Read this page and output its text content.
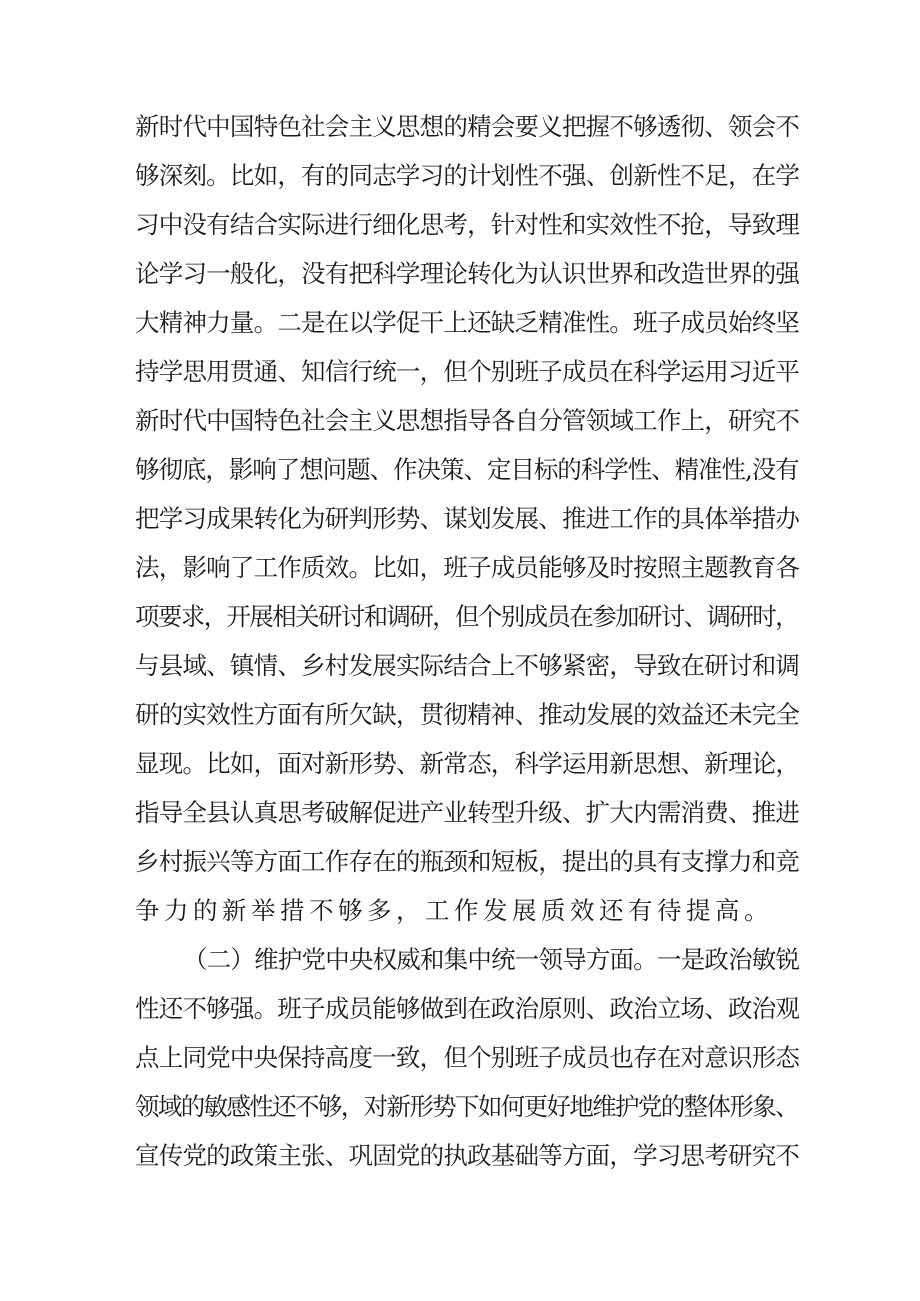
新时代中国特色社会主义思想的精会要义把握不够透彻、领会不
够深刻。比如，有的同志学习的计划性不强、创新性不足，在学
习中没有结合实际进行细化思考，针对性和实效性不抢，导致理
论学习一般化，没有把科学理论转化为认识世界和改造世界的强
大精神力量。二是在以学促干上还缺乏精准性。班子成员始终坚
持学思用贯通、知信行统一，但个别班子成员在科学运用习近平
新时代中国特色社会主义思想指导各自分管领域工作上，研究不
够彻底，影响了想问题、作决策、定目标的科学性、精准性,没有
把学习成果转化为研判形势、谋划发展、推进工作的具体举措办
法，影响了工作质效。比如，班子成员能够及时按照主题教育各
项要求，开展相关研讨和调研，但个别成员在参加研讨、调研时，
与县域、镇情、乡村发展实际结合上不够紧密，导致在研讨和调
研的实效性方面有所欠缺，贯彻精神、推动发展的效益还未完全
显现。比如，面对新形势、新常态，科学运用新思想、新理论，
指导全县认真思考破解促进产业转型升级、扩大内需消费、推进
乡村振兴等方面工作存在的瓶颈和短板，提出的具有支撑力和竞
争力的新举措不够多，工作发展质效还有待提高。
（二）维护党中央权威和集中统一领导方面。一是政治敏锐
性还不够强。班子成员能够做到在政治原则、政治立场、政治观
点上同党中央保持高度一致，但个别班子成员也存在对意识形态
领域的敏感性还不够，对新形势下如何更好地维护党的整体形象、
宣传党的政策主张、巩固党的执政基础等方面，学习思考研究不
